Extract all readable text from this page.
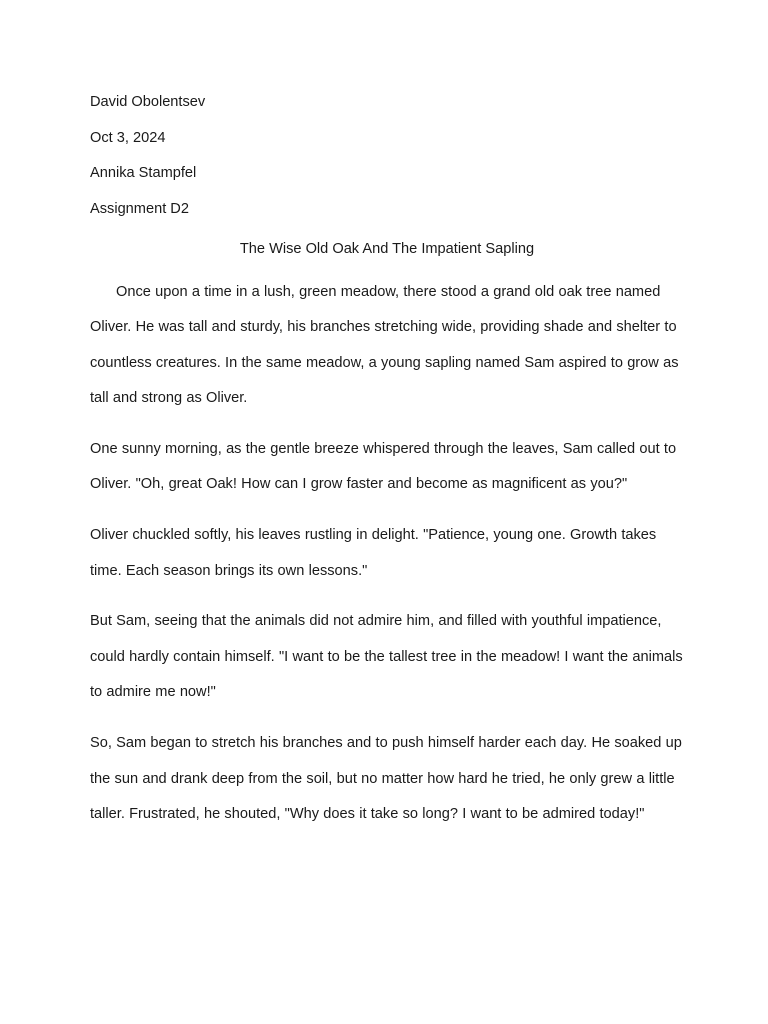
David Obolentsev
Oct 3, 2024
Annika Stampfel
Assignment D2
The Wise Old Oak And The Impatient Sapling

Once upon a time in a lush, green meadow, there stood a grand old oak tree named Oliver. He was tall and sturdy, his branches stretching wide, providing shade and shelter to countless creatures. In the same meadow, a young sapling named Sam aspired to grow as tall and strong as Oliver.

One sunny morning, as the gentle breeze whispered through the leaves, Sam called out to Oliver. "Oh, great Oak! How can I grow faster and become as magnificent as you?"

Oliver chuckled softly, his leaves rustling in delight. "Patience, young one. Growth takes time. Each season brings its own lessons."

But Sam, seeing that the animals did not admire him, and filled with youthful impatience, could hardly contain himself. "I want to be the tallest tree in the meadow! I want the animals to admire me now!"

So, Sam began to stretch his branches and to push himself harder each day. He soaked up the sun and drank deep from the soil, but no matter how hard he tried, he only grew a little taller. Frustrated, he shouted, "Why does it take so long? I want to be admired today!"
